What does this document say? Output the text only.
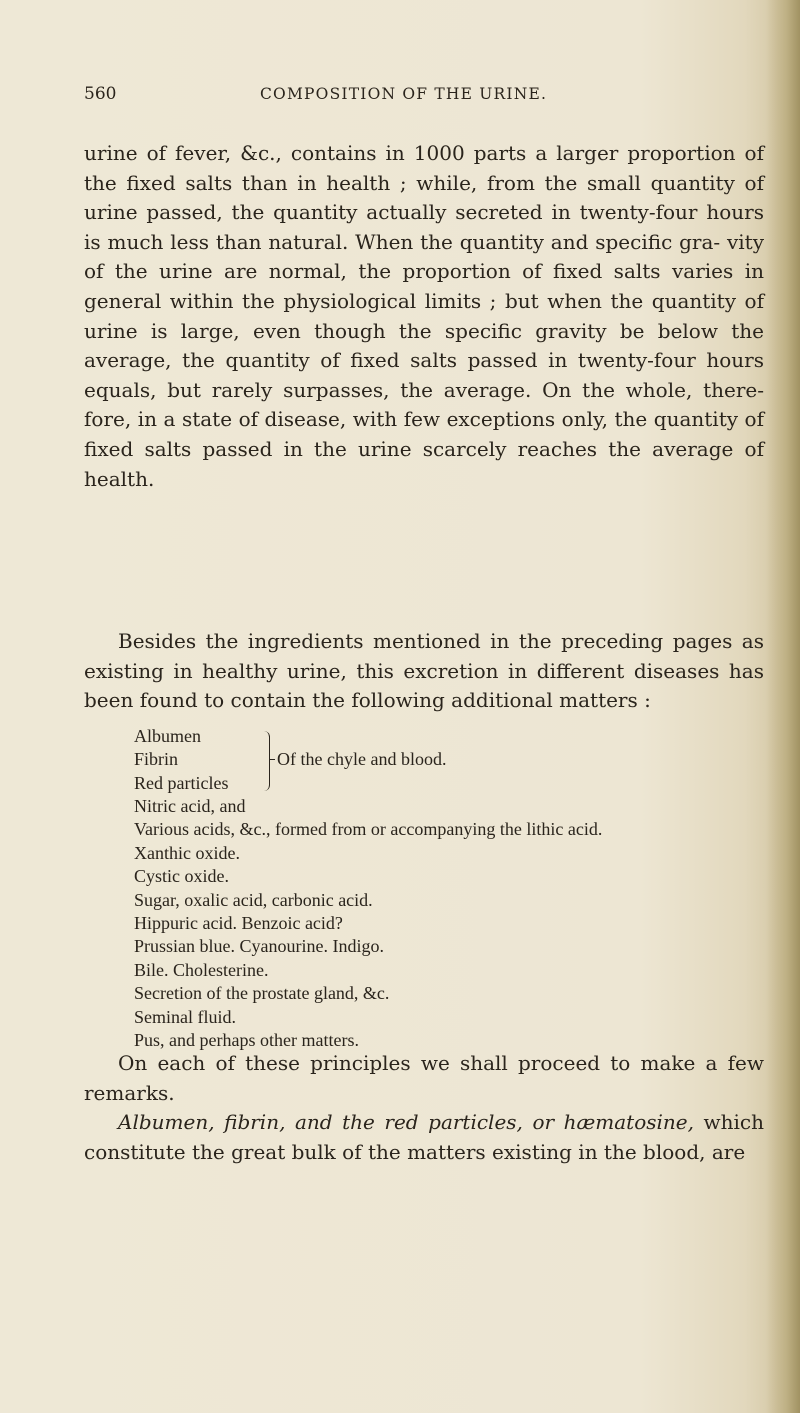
560	COMPOSITION OF THE URINE.

urine of fever, &c., contains in 1000 parts a larger proportion of the fixed salts than in health ; while, from the small quantity of urine passed, the quantity actually secreted in twenty-four hours is much less than natural. When the quantity and specific gra- vity of the urine are normal, the proportion of fixed salts varies in general within the physiological limits ; but when the quantity of urine is large, even though the specific gravity be below the average, the quantity of fixed salts passed in twenty-four hours equals, but rarely surpasses, the average. On the whole, there- fore, in a state of disease, with few exceptions only, the quantity of fixed salts passed in the urine scarcely reaches the average of health.

Besides the ingredients mentioned in the preceding pages as existing in healthy urine, this excretion in different diseases has been found to contain the following additional matters :

Albumen
Fibrin
Red particles
Of the chyle and blood.
Nitric acid, and
Various acids, &c., formed from or accompanying the lithic acid.
Xanthic oxide.
Cystic oxide.
Sugar, oxalic acid, carbonic acid.
Hippuric acid. Benzoic acid?
Prussian blue. Cyanourine. Indigo.
Bile. Cholesterine.
Secretion of the prostate gland, &c.
Seminal fluid.
Pus, and perhaps other matters.

On each of these principles we shall proceed to make a few remarks.

Albumen, fibrin, and the red particles, or hæmatosine, which constitute the great bulk of the matters existing in the blood, are
